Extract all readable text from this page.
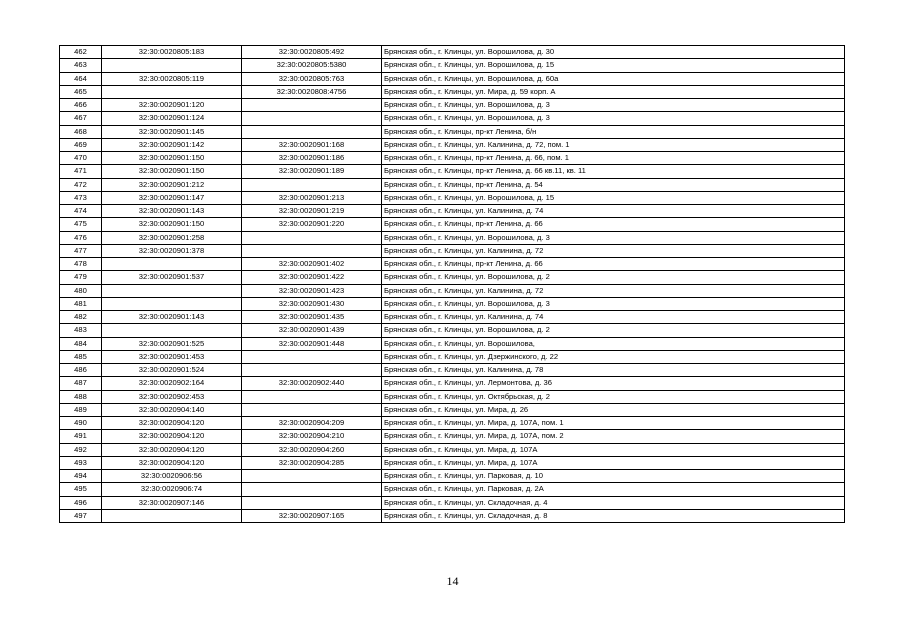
462	32:30:0020805:183	32:30:0020805:492	Брянская обл., г. Клинцы, ул. Ворошилова, д. 30
463		32:30:0020805:5380	Брянская обл., г. Клинцы, ул. Ворошилова, д. 15
464	32:30:0020805:119	32:30:0020805:763	Брянская обл., г. Клинцы, ул. Ворошилова, д. 60а
465		32:30:0020808:4756	Брянская обл., г. Клинцы, ул. Мира, д. 59 корп. А
466	32:30:0020901:120		Брянская обл., г. Клинцы, ул. Ворошилова, д. 3
467	32:30:0020901:124		Брянская обл., г. Клинцы, ул. Ворошилова, д. 3
468	32:30:0020901:145		Брянская обл., г. Клинцы, пр-кт Ленина, б/н
469	32:30:0020901:142	32:30:0020901:168	Брянская обл., г. Клинцы, ул. Калинина, д. 72, пом. 1
470	32:30:0020901:150	32:30:0020901:186	Брянская обл., г. Клинцы, пр-кт Ленина, д. 66, пом. 1
471	32:30:0020901:150	32:30:0020901:189	Брянская обл., г. Клинцы, пр-кт Ленина, д. 66 кв.11, кв. 11
472	32:30:0020901:212		Брянская обл., г. Клинцы, пр-кт Ленина, д. 54
473	32:30:0020901:147	32:30:0020901:213	Брянская обл., г. Клинцы, ул. Ворошилова, д. 15
474	32:30:0020901:143	32:30:0020901:219	Брянская обл., г. Клинцы, ул. Калинина, д. 74
475	32:30:0020901:150	32:30:0020901:220	Брянская обл., г. Клинцы, пр-кт Ленина, д. 66
476	32:30:0020901:258		Брянская обл., г. Клинцы, ул. Ворошилова, д. 3
477	32:30:0020901:378		Брянская обл., г. Клинцы, ул. Калинина, д. 72
478		32:30:0020901:402	Брянская обл., г. Клинцы, пр-кт Ленина, д. 66
479	32:30:0020901:537	32:30:0020901:422	Брянская обл., г. Клинцы, ул. Ворошилова, д. 2
480		32:30:0020901:423	Брянская обл., г. Клинцы, ул. Калинина, д. 72
481		32:30:0020901:430	Брянская обл., г. Клинцы, ул. Ворошилова, д. 3
482	32:30:0020901:143	32:30:0020901:435	Брянская обл., г. Клинцы, ул. Калинина, д. 74
483		32:30:0020901:439	Брянская обл., г. Клинцы, ул. Ворошилова, д. 2
484	32:30:0020901:525	32:30:0020901:448	Брянская обл., г. Клинцы, ул. Ворошилова,
485	32:30:0020901:453		Брянская обл., г. Клинцы, ул. Дзержинского, д. 22
486	32:30:0020901:524		Брянская обл., г. Клинцы, ул. Калинина, д. 78
487	32:30:0020902:164	32:30:0020902:440	Брянская обл., г. Клинцы, ул. Лермонтова, д. 36
488	32:30:0020902:453		Брянская обл., г. Клинцы, ул. Октябрьская, д. 2
489	32:30:0020904:140		Брянская обл., г. Клинцы, ул. Мира, д. 26
490	32:30:0020904:120	32:30:0020904:209	Брянская обл., г. Клинцы, ул. Мира, д. 107А, пом. 1
491	32:30:0020904:120	32:30:0020904:210	Брянская обл., г. Клинцы, ул. Мира, д. 107А, пом. 2
492	32:30:0020904:120	32:30:0020904:260	Брянская обл., г. Клинцы, ул. Мира, д. 107А
493	32:30:0020904:120	32:30:0020904:285	Брянская обл., г. Клинцы, ул. Мира, д. 107А
494	32:30:0020906:56		Брянская обл., г. Клинцы, ул. Парковая, д. 10
495	32:30:0020906:74		Брянская обл., г. Клинцы, ул. Парковая, д. 2А
496	32:30:0020907:146		Брянская обл., г. Клинцы, ул. Складочная, д. 4
497		32:30:0020907:165	Брянская обл., г. Клинцы, ул. Складочная, д. 8
14
